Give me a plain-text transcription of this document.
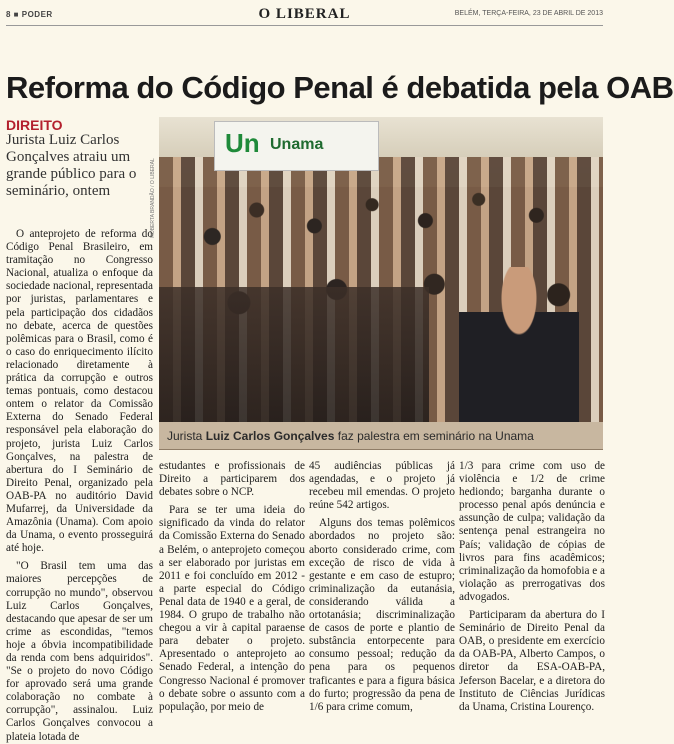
8 ■ PODER	O LIBERAL	BELÉM, TERÇA-FEIRA, 23 DE ABRIL DE 2013
Reforma do Código Penal é debatida pela OAB
DIREITO
Jurista Luiz Carlos Gonçalves atraiu um grande público para o seminário, ontem	ROBERTA BRANDÃO / O LIBERAL
Un Unama
Jurista Luiz Carlos Gonçalves faz palestra em seminário na Unama

O anteprojeto de reforma do Código Penal Brasileiro, em tramitação no Congresso Nacional, atualiza o enfoque da sociedade nacional, representada por juristas, parlamentares e pela participação dos cidadãos no debate, acerca de questões polêmicas para o Brasil, como é o caso do enriquecimento ilícito relacionado diretamente à prática da corrupção e outros temas pontuais, como destacou ontem o relator da Comissão Externa do Senado Federal responsável pela elaboração do projeto, jurista Luiz Carlos Gonçalves, na palestra de abertura do I Seminário de Direito Penal, organizado pela OAB-PA no auditório David Mufarrej, da Universidade da Amazônia (Unama). Com apoio da Unama, o evento prosseguirá até hoje.

"O Brasil tem uma das maiores percepções de corrupção no mundo", observou Luiz Carlos Gonçalves, destacando que apesar de ser um crime as escondidas, "temos hoje a óbvia incompatibilidade da renda com bens adquiridos". "Se o projeto do novo Código for aprovado será uma grande colaboração no combate à corrupção", assinalou. Luiz Carlos Gonçalves convocou a plateia lotada de

estudantes e profissionais de Direito a participarem dos debates sobre o NCP.

Para se ter uma ideia do significado da vinda do relator da Comissão Externa do Senado a Belém, o anteprojeto começou a ser elaborado por juristas em 2011 e foi concluído em 2012 - a parte especial do Código Penal data de 1940 e a geral, de 1984. O grupo de trabalho não chegou a vir à capital paraense para debater o projeto. Apresentado o anteprojeto ao Senado Federal, a intenção do Congresso Nacional é promover o debate sobre o assunto com a população, por meio de

45 audiências públicas já agendadas, e o projeto já recebeu mil emendas. O projeto reúne 542 artigos.

Alguns dos temas polêmicos abordados no projeto são: aborto considerado crime, com exceção de risco de vida à gestante e em caso de estupro; criminalização da eutanásia, considerando válida a ortotanásia; discriminalização de casos de porte e plantio de substância entorpecente para consumo pessoal; redução da pena para os pequenos traficantes e para a figura básica do furto; progressão da pena de 1/6 para crime comum,

1/3 para crime com uso de violência e 1/2 de crime hediondo; barganha durante o processo penal após denúncia e assunção de culpa; validação da sentença penal estrangeira no País; validação de cópias de livros para fins acadêmicos; criminalização da homofobia e a violação as prerrogativas dos advogados.

Participaram da abertura do I Seminário de Direito Penal da OAB, o presidente em exercício da OAB-PA, Alberto Campos, o diretor da ESA-OAB-PA, Jeferson Bacelar, e a diretora do Instituto de Ciências Jurídicas da Unama, Cristina Lourenço.
